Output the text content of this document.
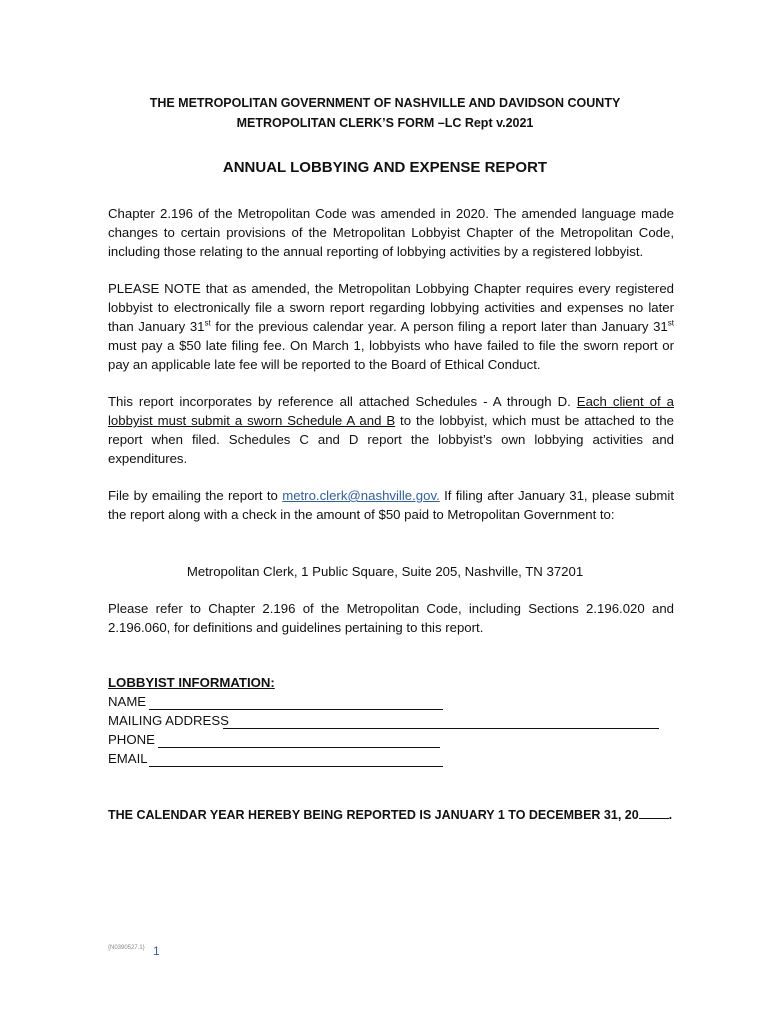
THE METROPOLITAN GOVERNMENT OF NASHVILLE AND DAVIDSON COUNTY
METROPOLITAN CLERK’S FORM –LC Rept v.2021
ANNUAL LOBBYING AND EXPENSE REPORT

Chapter 2.196 of the Metropolitan Code was amended in 2020. The amended language made changes to certain provisions of the Metropolitan Lobbyist Chapter of the Metropolitan Code, including those relating to the annual reporting of lobbying activities by a registered lobbyist.

PLEASE NOTE that as amended, the Metropolitan Lobbying Chapter requires every registered lobbyist to electronically file a sworn report regarding lobbying activities and expenses no later than January 31st for the previous calendar year. A person filing a report later than January 31st must pay a $50 late filing fee. On March 1, lobbyists who have failed to file the sworn report or pay an applicable late fee will be reported to the Board of Ethical Conduct.

This report incorporates by reference all attached Schedules - A through D. Each client of a lobbyist must submit a sworn Schedule A and B to the lobbyist, which must be attached to the report when filed. Schedules C and D report the lobbyist’s own lobbying activities and expenditures.

File by emailing the report to metro.clerk@nashville.gov. If filing after January 31, please submit the report along with a check in the amount of $50 paid to Metropolitan Government to:

Metropolitan Clerk, 1 Public Square, Suite 205, Nashville, TN 37201

Please refer to Chapter 2.196 of the Metropolitan Code, including Sections 2.196.020 and 2.196.060, for definitions and guidelines pertaining to this report.

LOBBYIST INFORMATION:
NAME
MAILING ADDRESS
PHONE
EMAIL
THE CALENDAR YEAR HEREBY BEING REPORTED IS JANUARY 1 TO DECEMBER 31, 20 .
{N0390527.1} 1
